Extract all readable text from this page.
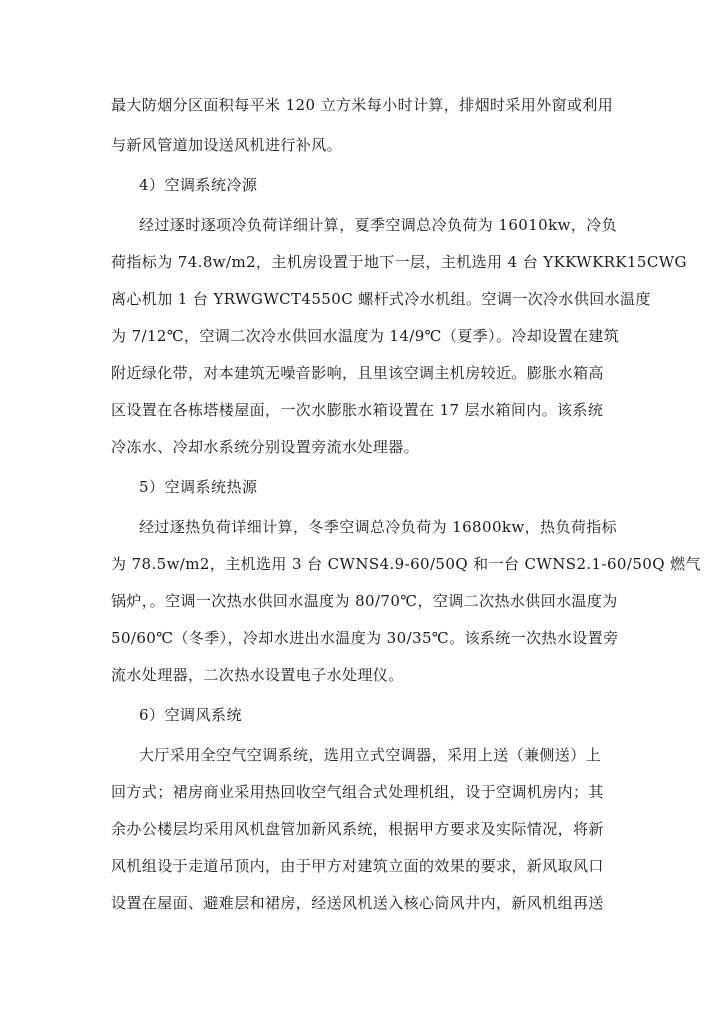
最大防烟分区面积每平米 120 立方米每小时计算，排烟时采用外窗或利用
与新风管道加设送风机进行补风。
4）空调系统冷源
经过逐时逐项冷负荷详细计算，夏季空调总冷负荷为 16010kw，冷负
荷指标为 74.8w/m2，主机房设置于地下一层，主机选用 4 台 YKKWKRK15CWG
离心机加 1 台 YRWGWCT4550C 螺杆式冷水机组。空调一次冷水供回水温度
为 7/12℃，空调二次冷水供回水温度为 14/9℃（夏季）。冷却设置在建筑
附近绿化带，对本建筑无噪音影响，且里该空调主机房较近。膨胀水箱高
区设置在各栋塔楼屋面，一次水膨胀水箱设置在 17 层水箱间内。该系统
冷冻水、冷却水系统分别设置旁流水处理器。
5）空调系统热源
经过逐热负荷详细计算，冬季空调总冷负荷为 16800kw，热负荷指标
为 78.5w/m2，主机选用 3 台 CWNS4.9-60/50Q 和一台 CWNS2.1-60/50Q 燃气
锅炉，。空调一次热水供回水温度为 80/70℃，空调二次热水供回水温度为
50/60℃（冬季），冷却水进出水温度为 30/35℃。该系统一次热水设置旁
流水处理器，二次热水设置电子水处理仪。
6）空调风系统
大厅采用全空气空调系统，选用立式空调器，采用上送（兼侧送）上
回方式；裙房商业采用热回收空气组合式处理机组，设于空调机房内；其
余办公楼层均采用风机盘管加新风系统，根据甲方要求及实际情况，将新
风机组设于走道吊顶内，由于甲方对建筑立面的效果的要求，新风取风口
设置在屋面、避难层和裙房，经送风机送入核心筒风井内，新风机组再送
